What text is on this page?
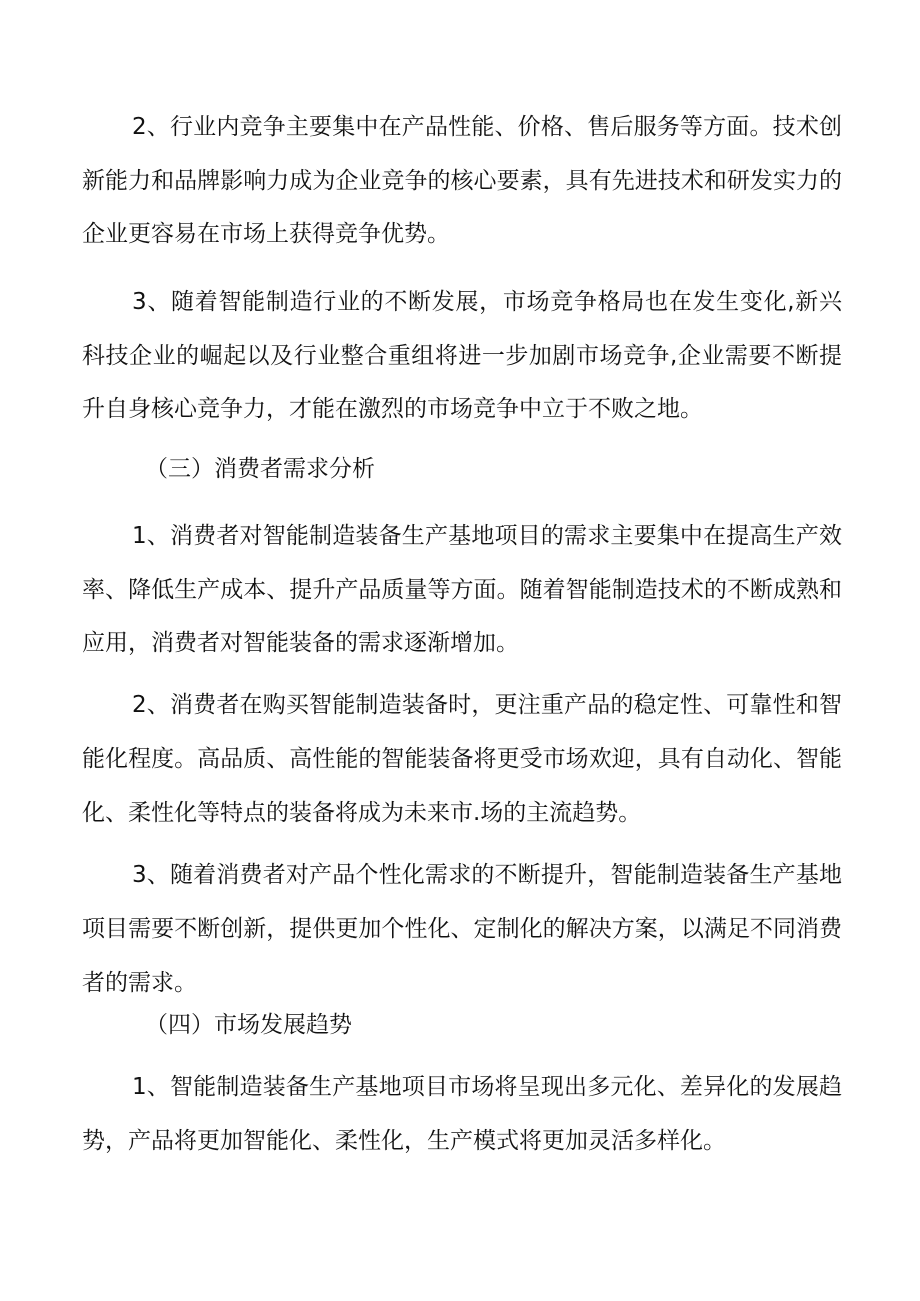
2、行业内竞争主要集中在产品性能、价格、售后服务等方面。技术创
新能力和品牌影响力成为企业竞争的核心要素，具有先进技术和研发实力的
企业更容易在市场上获得竞争优势。
3、随着智能制造行业的不断发展，市场竞争格局也在发生变化,新兴
科技企业的崛起以及行业整合重组将进一步加剧市场竞争,企业需要不断提
升自身核心竞争力，才能在激烈的市场竞争中立于不败之地。
（三）消费者需求分析
1、消费者对智能制造装备生产基地项目的需求主要集中在提高生产效
率、降低生产成本、提升产品质量等方面。随着智能制造技术的不断成熟和
应用，消费者对智能装备的需求逐渐增加。
2、消费者在购买智能制造装备时，更注重产品的稳定性、可靠性和智
能化程度。高品质、高性能的智能装备将更受市场欢迎，具有自动化、智能
化、柔性化等特点的装备将成为未来市.场的主流趋势。
3、随着消费者对产品个性化需求的不断提升，智能制造装备生产基地
项目需要不断创新，提供更加个性化、定制化的解决方案，以满足不同消费
者的需求。
（四）市场发展趋势
1、智能制造装备生产基地项目市场将呈现出多元化、差异化的发展趋
势，产品将更加智能化、柔性化，生产模式将更加灵活多样化。
